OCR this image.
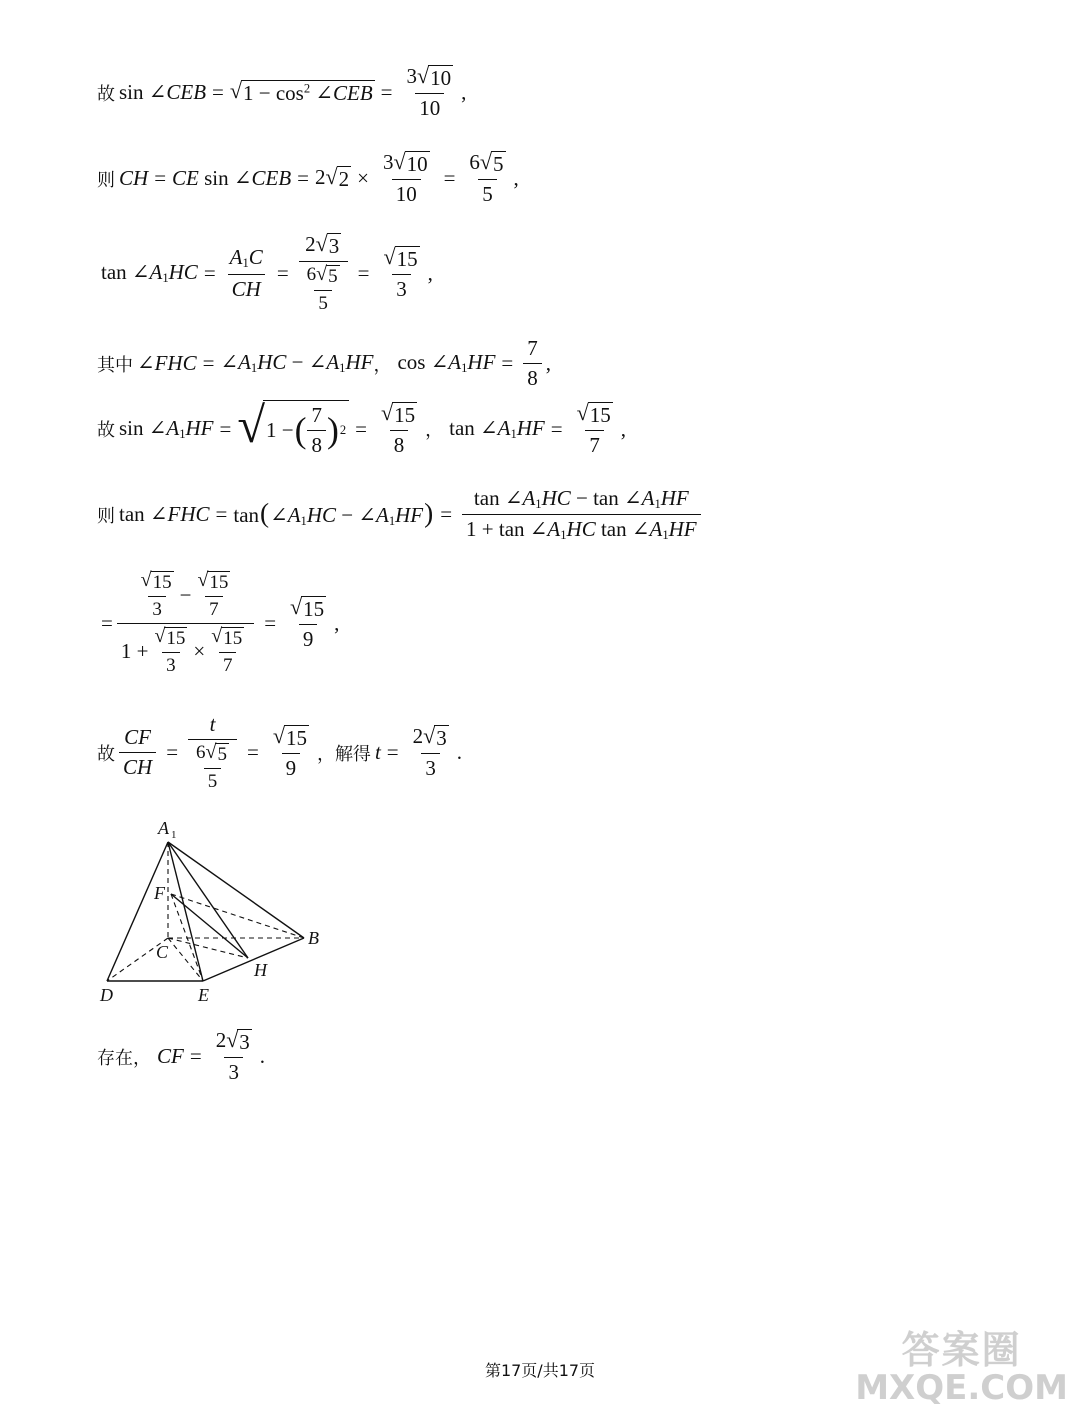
故 sin ∠CEB = √ $1 - \cos^2$ ∠CEB = $\frac{3 √ 10}{10}$ ,
则 CH = CE sin ∠CEB = 2 √ $2 \times \frac{3 √ 10}{10} = \frac{6 √ 5}{5}$ ,
$\tan \angle A_1HC = \frac{A_1C}{CH} = \frac{2 √ 3}{\frac{6 √ 5}{5}} = \frac{√ 15}{3}$ ,
其中 ∠FHC = $\angle A_1HC$ − $\angle A_1HF$ ， $\cos \angle A_1HF = \frac{7}{8}$ ,
故 $\sin \angle A_1HF$ = √ 1 − ( $\frac{7}{8}$ ) $2 = \frac{√ 15}{8}$ ， $\tan \angle A_1HF = \frac{√ 15}{7}$ ,
则 tan ∠FHC = $\tan(\angle A_1HC$ − $\angle A_1HF) = \frac{\tan \angle A_1HC - \tan \angle A_1HF}{1 + \tan \angle A_1HC \tan \angle A_1HF}$
= $\frac{\frac{√ 15}{3} - \frac{√ 15}{7}}{1 + \frac{√ 15}{3} \times \frac{√ 15}{7}} = \frac{√ 15}{9}$ ,
故 $\frac{CF}{CH} = \frac{t}{\frac{6 √ 5}{5}} = \frac{√ 15}{9}$ ， 解得 $t = \frac{2 √ 3}{3}$ .
A 1
F
C
B
H
D	E
存在， CF = $\frac{2 √ 3}{3}$ .
第17页/共17页	答案圈
MXQE.COM
